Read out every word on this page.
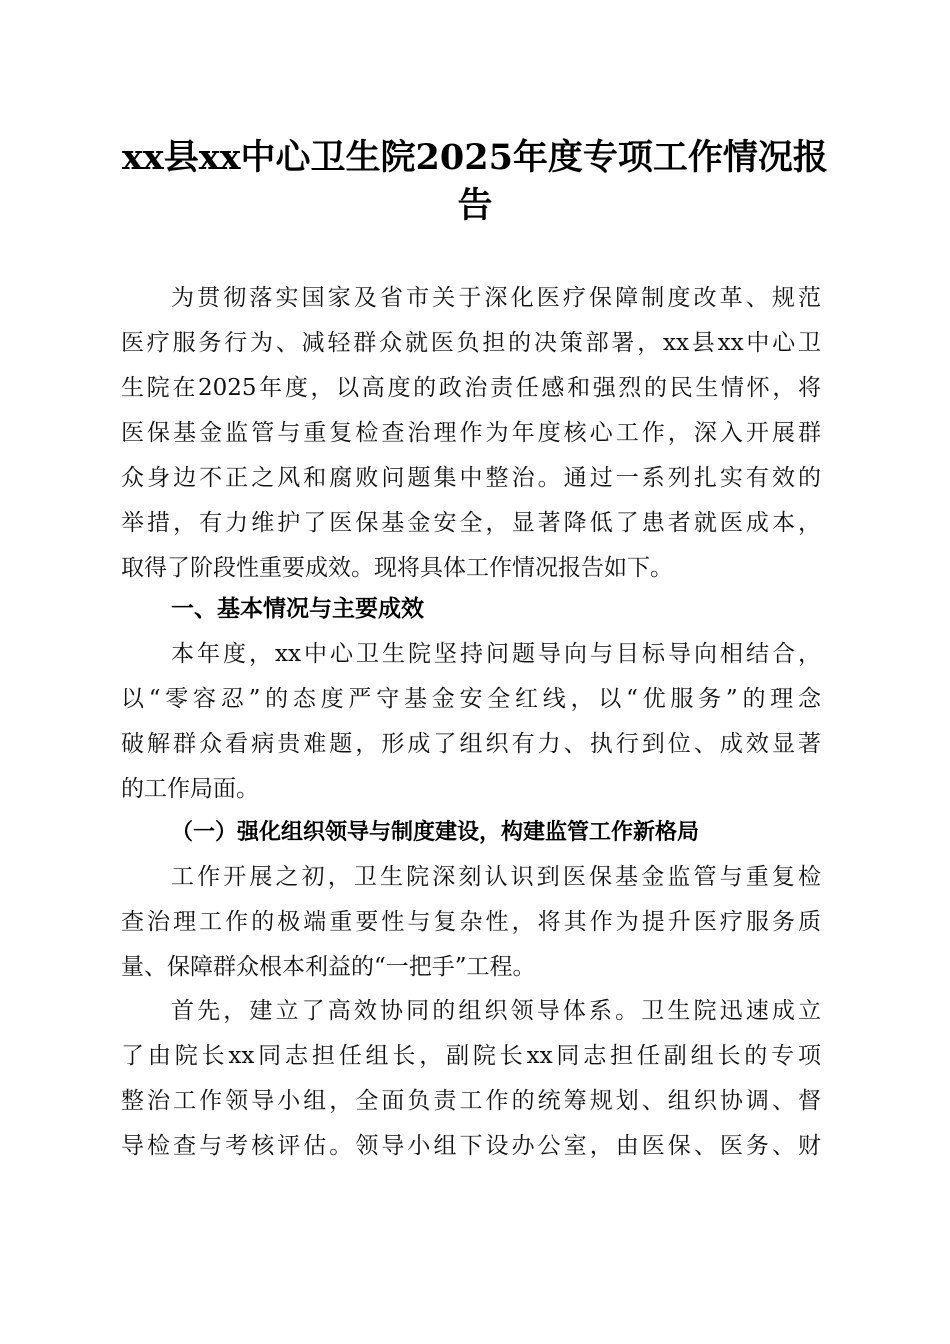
xx县xx中心卫生院2025年度专项工作情况报
告
为贯彻落实国家及省市关于深化医疗保障制度改革、规范
医疗服务行为、减轻群众就医负担的决策部署，xx县xx中心卫
生院在2025年度，以高度的政治责任感和强烈的民生情怀，将
医保基金监管与重复检查治理作为年度核心工作，深入开展群
众身边不正之风和腐败问题集中整治。通过一系列扎实有效的
举措，有力维护了医保基金安全，显著降低了患者就医成本，
取得了阶段性重要成效。现将具体工作情况报告如下。
一、基本情况与主要成效
本年度，xx中心卫生院坚持问题导向与目标导向相结合，
以“零容忍”的态度严守基金安全红线，以“优服务”的理念
破解群众看病贵难题，形成了组织有力、执行到位、成效显著
的工作局面。
（一）强化组织领导与制度建设，构建监管工作新格局
工作开展之初，卫生院深刻认识到医保基金监管与重复检
查治理工作的极端重要性与复杂性，将其作为提升医疗服务质
量、保障群众根本利益的“一把手”工程。
首先，建立了高效协同的组织领导体系。卫生院迅速成立
了由院长xx同志担任组长，副院长xx同志担任副组长的专项
整治工作领导小组，全面负责工作的统筹规划、组织协调、督
导检查与考核评估。领导小组下设办公室，由医保、医务、财
